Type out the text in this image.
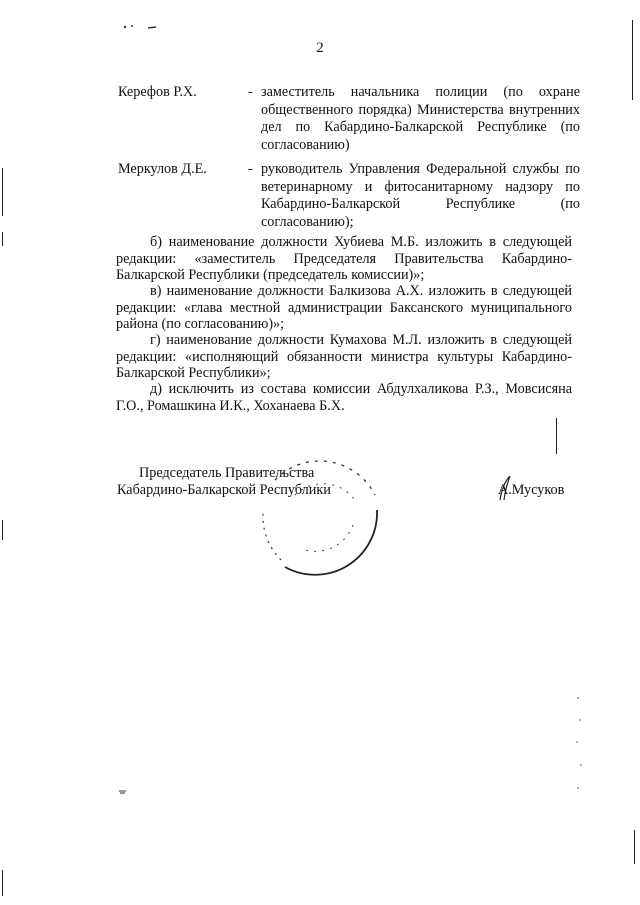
2
Керефов Р.Х.	- заместитель начальника полиции (по охране общественного порядка) Министерства внутренних дел по Кабардино-Балкарской Республике (по согласованию)
Меркулов Д.Е.	- руководитель Управления Федеральной службы по ветеринарному и фитосанитарному надзору по Кабардино-Балкарской Республике (по согласованию);
б) наименование должности Хубиева М.Б. изложить в следующей редакции: «заместитель Председателя Правительства Кабардино-Балкарской Республики (председатель комиссии)»;
в) наименование должности Балкизова А.Х. изложить в следующей редакции: «глава местной администрации Баксанского муниципального района (по согласованию)»;
г) наименование должности Кумахова М.Л. изложить в следующей редакции: «исполняющий обязанности министра культуры Кабардино-Балкарской Республики»;
д) исключить из состава комиссии Абдулхаликова Р.З., Мовсисяна Г.О., Ромашкина И.К., Хоханаева Б.Х.
Председатель Правительства
Кабардино-Балкарской Республики	А.Мусуков
